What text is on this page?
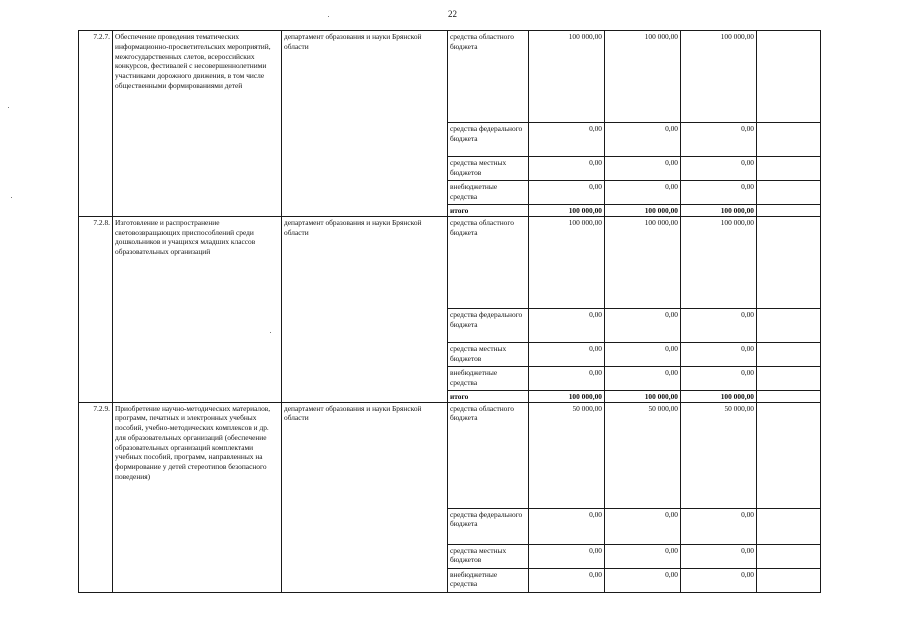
22
7.2.7.	Обеспечение проведения тематических информационно-просветительских мероприятий, межгосударственных слетов, всероссийских конкурсов, фестивалей с несовершеннолетними участниками дорожного движения, в том числе общественными формированиями детей	департамент образования и науки Брянской области	средства областного бюджета	100 000,00	100 000,00	100 000,00	
			средства федерального бюджета	0,00	0,00	0,00	
			средства местных бюджетов	0,00	0,00	0,00	
			внебюджетные средства	0,00	0,00	0,00	
			итого	100 000,00	100 000,00	100 000,00	
7.2.8.	Изготовление и распространение световозвращающих приспособлений среди дошкольников и учащихся младших классов образовательных организаций	департамент образования и науки Брянской области	средства областного бюджета	100 000,00	100 000,00	100 000,00	
			средства федерального бюджета	0,00	0,00	0,00	
			средства местных бюджетов	0,00	0,00	0,00	
			внебюджетные средства	0,00	0,00	0,00	
			итого	100 000,00	100 000,00	100 000,00	
7.2.9.	Приобретение научно-методических материалов, программ, печатных и электронных учебных пособий, учебно-методических комплексов и др. для образовательных организаций (обеспечение образовательных организаций комплектами учебных пособий, программ, направленных на формирование у детей стереотипов безопасного поведения)	департамент образования и науки Брянской области	средства областного бюджета	50 000,00	50 000,00	50 000,00	
			средства федерального бюджета	0,00	0,00	0,00	
			средства местных бюджетов	0,00	0,00	0,00	
			внебюджетные средства	0,00	0,00	0,00	
